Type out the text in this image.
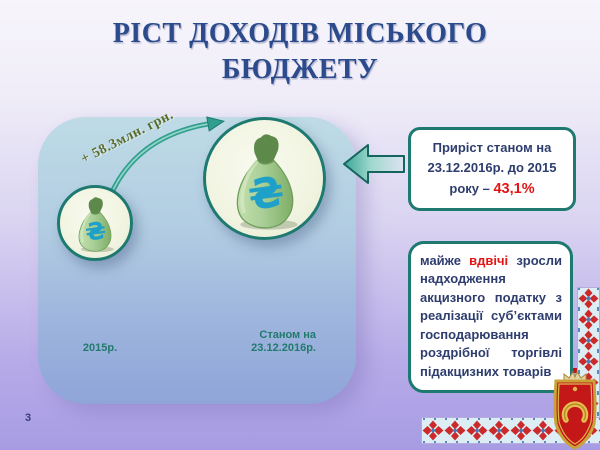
РІСТ ДОХОДІВ МІСЬКОГО
БЮДЖЕТУ
+ 58.3млн. грн.
₴
₴
2015р.
Станом на
23.12.2016р.
Приріст станом на 23.12.2016р. до 2015 року – 43,1%
майже вдвічі зросли надходження акцизного податку з реалізації суб’єктами господарювання роздрібної торгівлі підакцизних товарів
3
